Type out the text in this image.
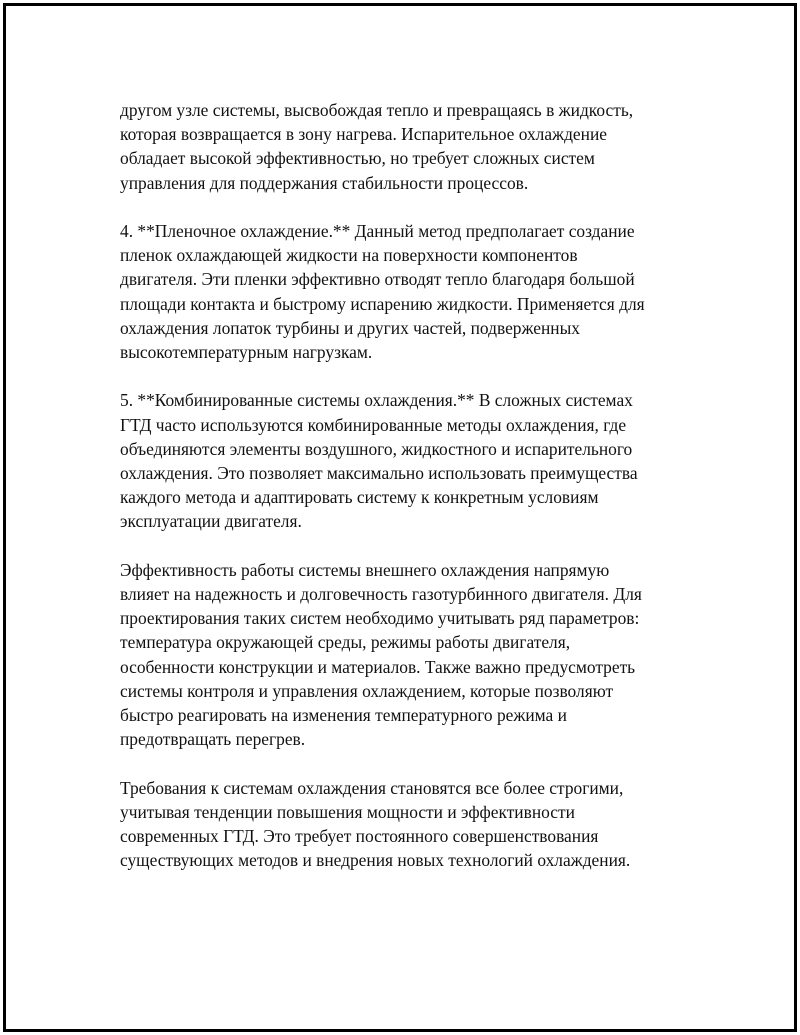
другом узле системы, высвобождая тепло и превращаясь в жидкость,
которая возвращается в зону нагрева. Испарительное охлаждение
обладает высокой эффективностью, но требует сложных систем
управления для поддержания стабильности процессов.

4. **Пленочное охлаждение.** Данный метод предполагает создание
пленок охлаждающей жидкости на поверхности компонентов
двигателя. Эти пленки эффективно отводят тепло благодаря большой
площади контакта и быстрому испарению жидкости. Применяется для
охлаждения лопаток турбины и других частей, подверженных
высокотемпературным нагрузкам.

5. **Комбинированные системы охлаждения.** В сложных системах
ГТД часто используются комбинированные методы охлаждения, где
объединяются элементы воздушного, жидкостного и испарительного
охлаждения. Это позволяет максимально использовать преимущества
каждого метода и адаптировать систему к конкретным условиям
эксплуатации двигателя.

Эффективность работы системы внешнего охлаждения напрямую
влияет на надежность и долговечность газотурбинного двигателя. Для
проектирования таких систем необходимо учитывать ряд параметров:
температура окружающей среды, режимы работы двигателя,
особенности конструкции и материалов. Также важно предусмотреть
системы контроля и управления охлаждением, которые позволяют
быстро реагировать на изменения температурного режима и
предотвращать перегрев.

Требования к системам охлаждения становятся все более строгими,
учитывая тенденции повышения мощности и эффективности
современных ГТД. Это требует постоянного совершенствования
существующих методов и внедрения новых технологий охлаждения.
